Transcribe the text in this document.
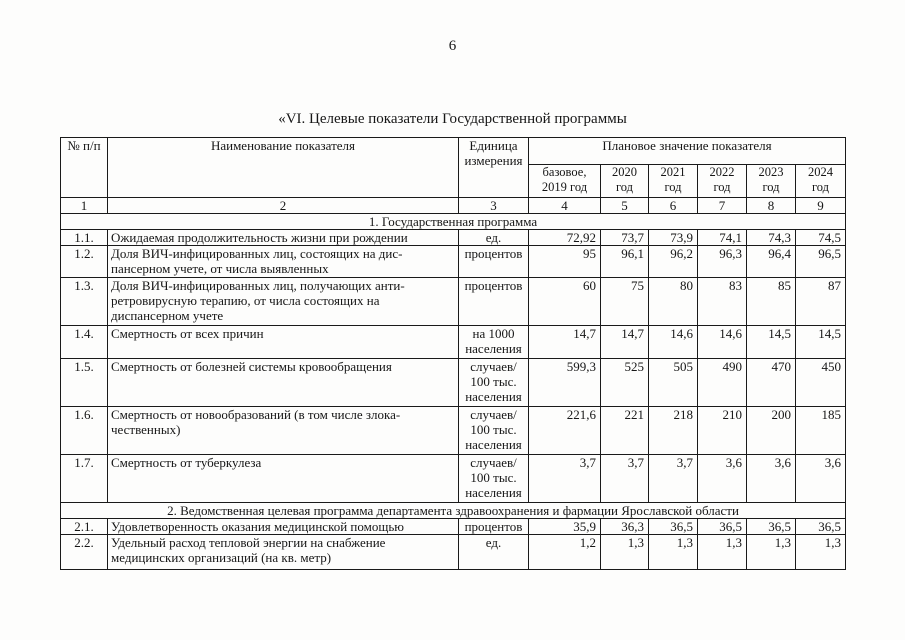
6
«VI. Целевые показатели Государственной программы
№ п/п	Наименование показателя	Единица измерения	Плановое значение показателя					
			базовое, 2019 год	2020 год	2021 год	2022 год	2023 год	2024 год
1	2	3	4	5	6	7	8	9
1. Государственная программа								
1.1.	Ожидаемая продолжительность жизни при рождении	ед.	72,92	73,7	73,9	74,1	74,3	74,5
1.2.	Доля ВИЧ-инфицированных лиц, состоящих на дис-пансерном учете, от числа выявленных	процентов	95	96,1	96,2	96,3	96,4	96,5
1.3.	Доля ВИЧ-инфицированных лиц, получающих анти-ретровирусную терапию, от числа состоящих на диспансерном учете	процентов	60	75	80	83	85	87
1.4.	Смертность от всех причин	на 1000 населения	14,7	14,7	14,6	14,6	14,5	14,5
1.5.	Смертность от болезней системы кровообращения	случаев/ 100 тыс. населения	599,3	525	505	490	470	450
1.6.	Смертность от новообразований (в том числе злока-чественных)	случаев/ 100 тыс. населения	221,6	221	218	210	200	185
1.7.	Смертность от туберкулеза	случаев/ 100 тыс. населения	3,7	3,7	3,7	3,6	3,6	3,6
2. Ведомственная целевая программа департамента здравоохранения и фармации Ярославской области								
2.1.	Удовлетворенность оказания медицинской помощью	процентов	35,9	36,3	36,5	36,5	36,5	36,5
2.2.	Удельный расход тепловой энергии на снабжение медицинских организаций (на кв. метр)	ед.	1,2	1,3	1,3	1,3	1,3	1,3
